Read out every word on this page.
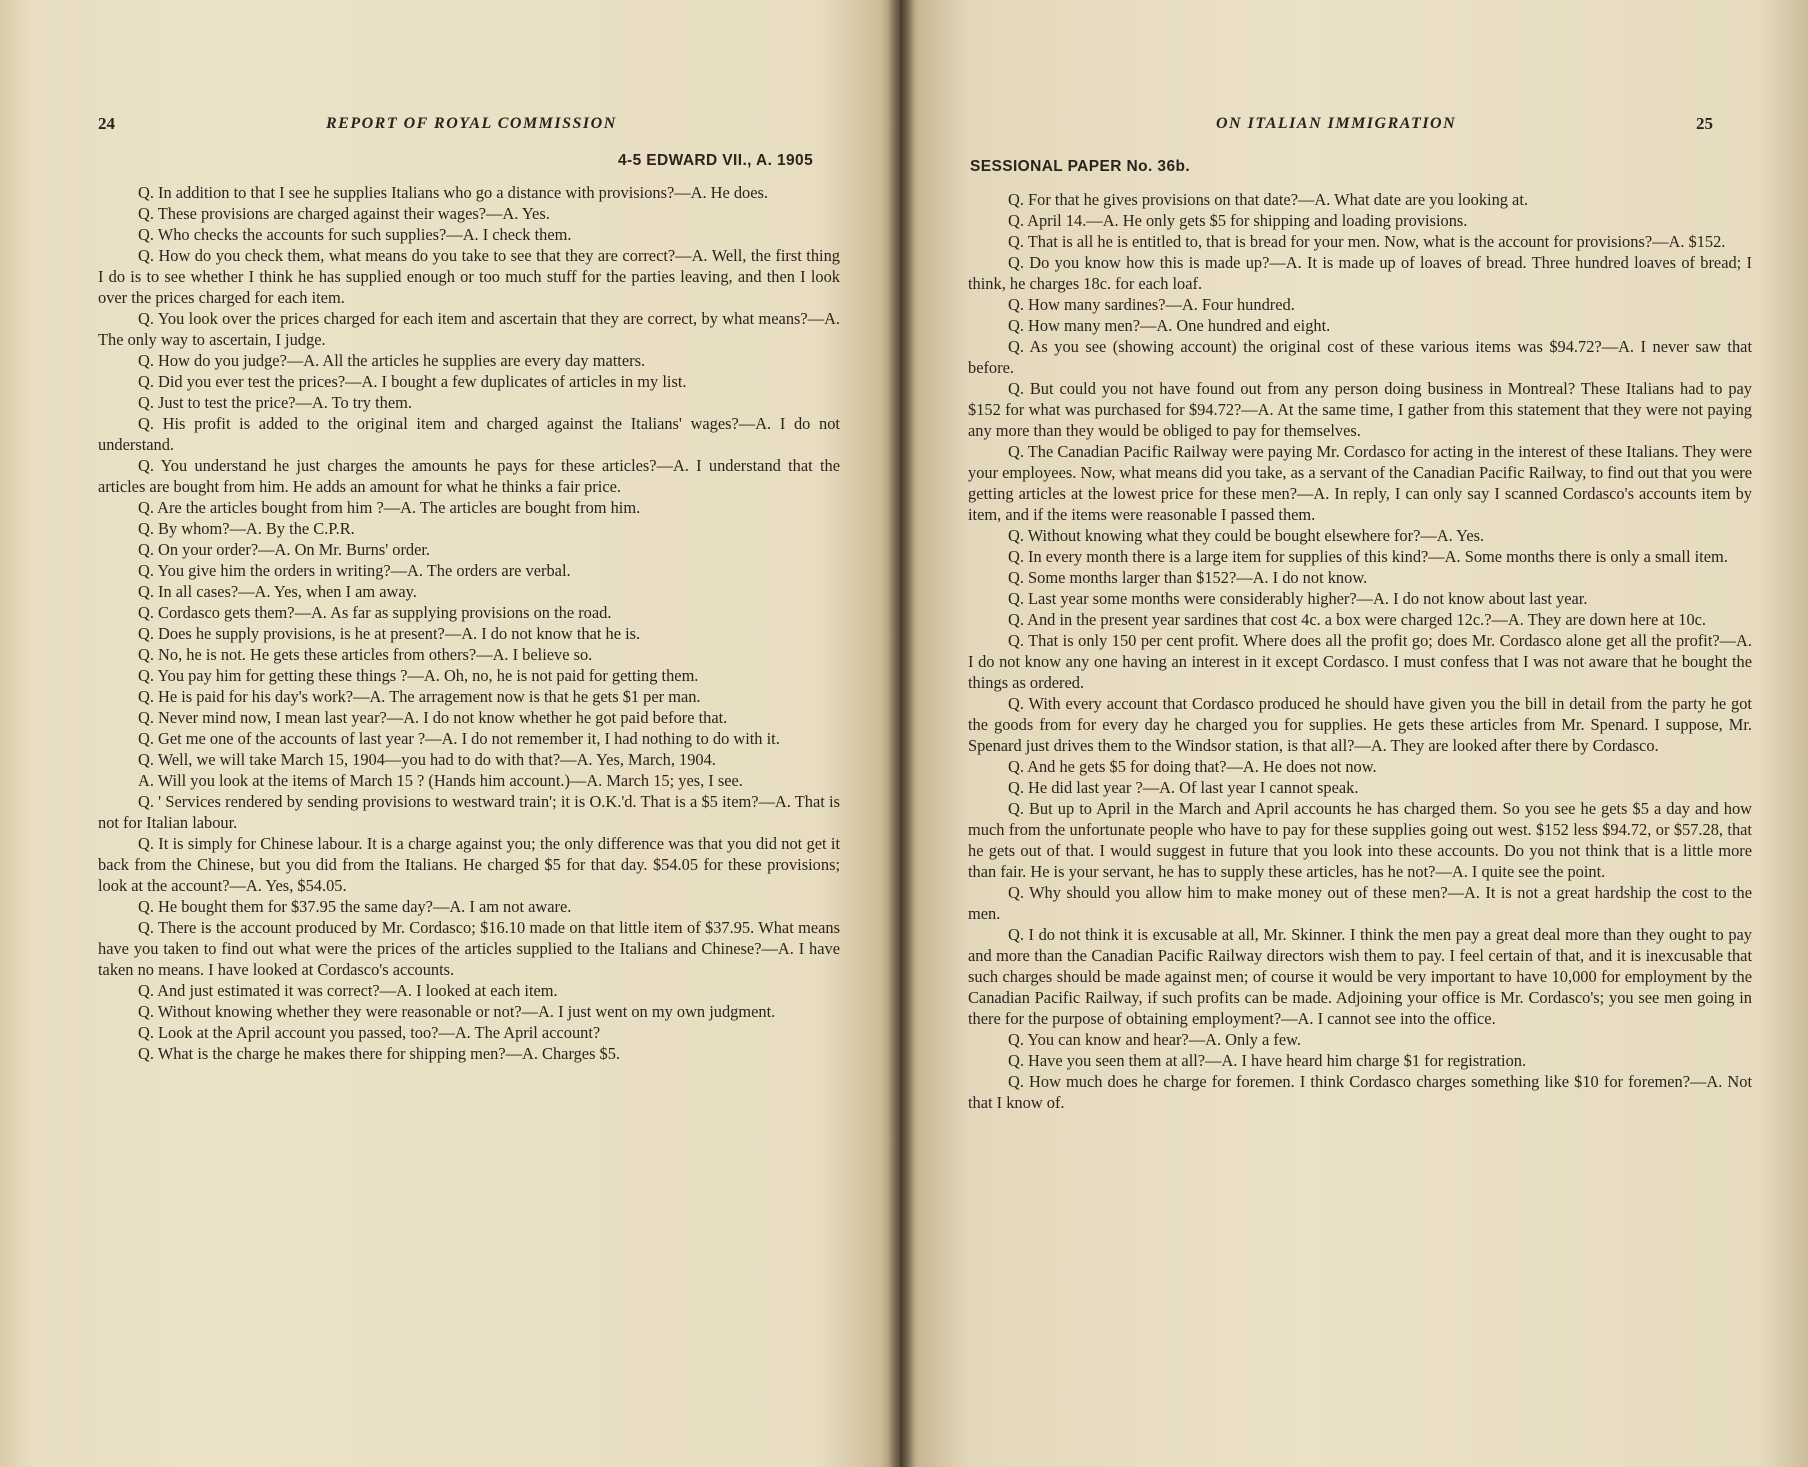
24	REPORT OF ROYAL COMMISSION
4-5 EDWARD VII., A. 1905

Q. In addition to that I see he supplies Italians who go a distance with provisions?—A. He does.

Q. These provisions are charged against their wages?—A. Yes.

Q. Who checks the accounts for such supplies?—A. I check them.

Q. How do you check them, what means do you take to see that they are correct?—A. Well, the first thing I do is to see whether I think he has supplied enough or too much stuff for the parties leaving, and then I look over the prices charged for each item.

Q. You look over the prices charged for each item and ascertain that they are correct, by what means?—A. The only way to ascertain, I judge.

Q. How do you judge?—A. All the articles he supplies are every day matters.

Q. Did you ever test the prices?—A. I bought a few duplicates of articles in my list.

Q. Just to test the price?—A. To try them.

Q. His profit is added to the original item and charged against the Italians' wages?—A. I do not understand.

Q. You understand he just charges the amounts he pays for these articles?—A. I understand that the articles are bought from him. He adds an amount for what he thinks a fair price.

Q. Are the articles bought from him ?—A. The articles are bought from him.

Q. By whom?—A. By the C.P.R.

Q. On your order?—A. On Mr. Burns' order.

Q. You give him the orders in writing?—A. The orders are verbal.

Q. In all cases?—A. Yes, when I am away.

Q. Cordasco gets them?—A. As far as supplying provisions on the road.

Q. Does he supply provisions, is he at present?—A. I do not know that he is.

Q. No, he is not. He gets these articles from others?—A. I believe so.

Q. You pay him for getting these things ?—A. Oh, no, he is not paid for getting them.

Q. He is paid for his day's work?—A. The arragement now is that he gets $1 per man.

Q. Never mind now, I mean last year?—A. I do not know whether he got paid before that.

Q. Get me one of the accounts of last year ?—A. I do not remember it, I had nothing to do with it.

Q. Well, we will take March 15, 1904—you had to do with that?—A. Yes, March, 1904.

A. Will you look at the items of March 15 ? (Hands him account.)—A. March 15; yes, I see.

Q. ' Services rendered by sending provisions to westward train'; it is O.K.'d. That is a $5 item?—A. That is not for Italian labour.

Q. It is simply for Chinese labour. It is a charge against you; the only difference was that you did not get it back from the Chinese, but you did from the Italians. He charged $5 for that day. $54.05 for these provisions; look at the account?—A. Yes, $54.05.

Q. He bought them for $37.95 the same day?—A. I am not aware.

Q. There is the account produced by Mr. Cordasco; $16.10 made on that little item of $37.95. What means have you taken to find out what were the prices of the articles supplied to the Italians and Chinese?—A. I have taken no means. I have looked at Cordasco's accounts.

Q. And just estimated it was correct?—A. I looked at each item.

Q. Without knowing whether they were reasonable or not?—A. I just went on my own judgment.

Q. Look at the April account you passed, too?—A. The April account?

Q. What is the charge he makes there for shipping men?—A. Charges $5.

ON ITALIAN IMMIGRATION	25
SESSIONAL PAPER No. 36b.

Q. For that he gives provisions on that date?—A. What date are you looking at.

Q. April 14.—A. He only gets $5 for shipping and loading provisions.

Q. That is all he is entitled to, that is bread for your men. Now, what is the account for provisions?—A. $152.

Q. Do you know how this is made up?—A. It is made up of loaves of bread. Three hundred loaves of bread; I think, he charges 18c. for each loaf.

Q. How many sardines?—A. Four hundred.

Q. How many men?—A. One hundred and eight.

Q. As you see (showing account) the original cost of these various items was $94.72?—A. I never saw that before.

Q. But could you not have found out from any person doing business in Montreal? These Italians had to pay $152 for what was purchased for $94.72?—A. At the same time, I gather from this statement that they were not paying any more than they would be obliged to pay for themselves.

Q. The Canadian Pacific Railway were paying Mr. Cordasco for acting in the interest of these Italians. They were your employees. Now, what means did you take, as a servant of the Canadian Pacific Railway, to find out that you were getting articles at the lowest price for these men?—A. In reply, I can only say I scanned Cordasco's accounts item by item, and if the items were reasonable I passed them.

Q. Without knowing what they could be bought elsewhere for?—A. Yes.

Q. In every month there is a large item for supplies of this kind?—A. Some months there is only a small item.

Q. Some months larger than $152?—A. I do not know.

Q. Last year some months were considerably higher?—A. I do not know about last year.

Q. And in the present year sardines that cost 4c. a box were charged 12c.?—A. They are down here at 10c.

Q. That is only 150 per cent profit. Where does all the profit go; does Mr. Cordasco alone get all the profit?—A. I do not know any one having an interest in it except Cordasco. I must confess that I was not aware that he bought the things as ordered.

Q. With every account that Cordasco produced he should have given you the bill in detail from the party he got the goods from for every day he charged you for supplies. He gets these articles from Mr. Spenard. I suppose, Mr. Spenard just drives them to the Windsor station, is that all?—A. They are looked after there by Cordasco.

Q. And he gets $5 for doing that?—A. He does not now.

Q. He did last year ?—A. Of last year I cannot speak.

Q. But up to April in the March and April accounts he has charged them. So you see he gets $5 a day and how much from the unfortunate people who have to pay for these supplies going out west. $152 less $94.72, or $57.28, that he gets out of that. I would suggest in future that you look into these accounts. Do you not think that is a little more than fair. He is your servant, he has to supply these articles, has he not?—A. I quite see the point.

Q. Why should you allow him to make money out of these men?—A. It is not a great hardship the cost to the men.

Q. I do not think it is excusable at all, Mr. Skinner. I think the men pay a great deal more than they ought to pay and more than the Canadian Pacific Railway directors wish them to pay. I feel certain of that, and it is inexcusable that such charges should be made against men; of course it would be very important to have 10,000 for employment by the Canadian Pacific Railway, if such profits can be made. Adjoining your office is Mr. Cordasco's; you see men going in there for the purpose of obtaining employment?—A. I cannot see into the office.

Q. You can know and hear?—A. Only a few.

Q. Have you seen them at all?—A. I have heard him charge $1 for registration.

Q. How much does he charge for foremen. I think Cordasco charges something like $10 for foremen?—A. Not that I know of.
